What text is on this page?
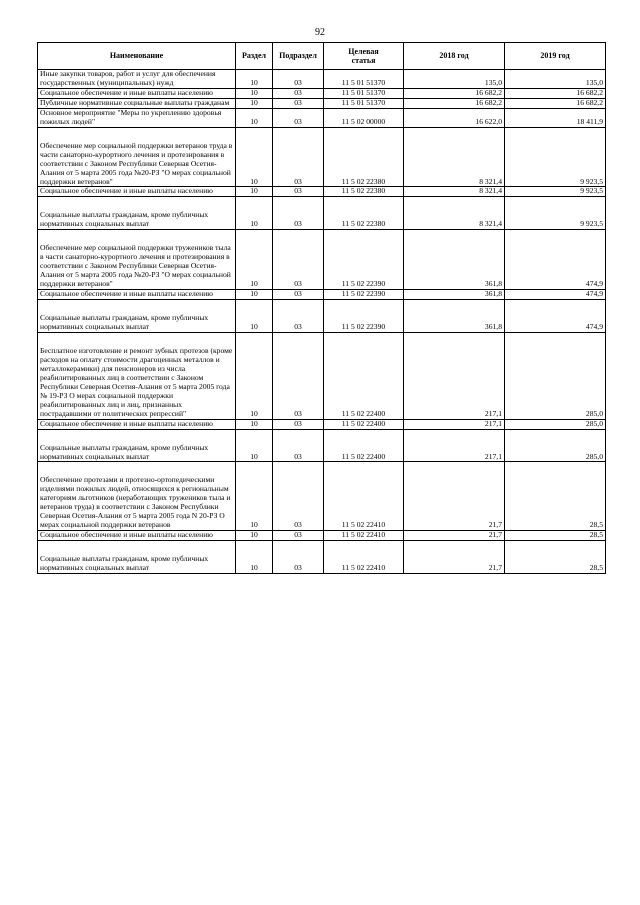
92
Наименование	Раздел	Подраздел	Целевая
статья	2018 год	2019 год
Иные закупки товаров, работ и услуг для обеспечения государственных (муниципальных) нужд	10	03	11 5 01 51370	135,0	135,0
Социальное обеспечение и иные выплаты населению	10	03	11 5 01 51370	16 682,2	16 682,2
Публичные нормативные социальные выплаты гражданам	10	03	11 5 01 51370	16 682,2	16 682,2
Основное мероприятие "Меры по укреплению здоровья пожилых людей"	10	03	11 5 02 00000	16 622,0	18 411,9

Обеспечение мер социальной поддержки ветеранов труда в части санаторно-курортного лечения и протезирования в соответствии с Законом Республики Северная Осетия-Алания от 5 марта 2005 года №20-РЗ "О мерах социальной поддержки ветеранов"	10	03	11 5 02 22380	8 321,4	9 923,5
Социальное обеспечение и иные выплаты населению	10	03	11 5 02 22380	8 321,4	9 923,5

Социальные выплаты гражданам, кроме публичных нормативных социальных выплат	10	03	11 5 02 22380	8 321,4	9 923,5

Обеспечение мер социальной поддержки тружеников тыла в части санаторно-курортного лечения и протезирования в соответствии с Законом Республики Северная Осетия-Алания от 5 марта 2005 года №20-РЗ "О мерах социальной поддержки ветеранов"	10	03	11 5 02 22390	361,8	474,9
Социальное обеспечение и иные выплаты населению	10	03	11 5 02 22390	361,8	474,9

Социальные выплаты гражданам, кроме публичных нормативных социальных выплат	10	03	11 5 02 22390	361,8	474,9

Бесплатное изготовление и ремонт зубных протезов (кроме расходов на оплату стоимости драгоценных металлов и металлокерамики) для пенсионеров из числа реабилитированных лиц в соответствии с Законом Республики Северная Осетия-Алания от 5 марта 2005 года № 19-РЗ О мерах социальной поддержки реабилитированных лиц и лиц, признанных пострадавшими от политических репрессий"	10	03	11 5 02 22400	217,1	285,0
Социальное обеспечение и иные выплаты населению	10	03	11 5 02 22400	217,1	285,0

Социальные выплаты гражданам, кроме публичных нормативных социальных выплат	10	03	11 5 02 22400	217,1	285,0

Обеспечение протезами и протезно-ортопедическими изделиями пожилых людей, относящихся к региональным категориям льготников (неработающих тружеников тыла и ветеранов труда) в соответствии с Законом Республики Северная Осетия-Алания от 5 марта 2005 года N 20-РЗ О мерах социальной поддержки ветеранов	10	03	11 5 02 22410	21,7	28,5
Социальное обеспечение и иные выплаты населению	10	03	11 5 02 22410	21,7	28,5

Социальные выплаты гражданам, кроме публичных нормативных социальных выплат	10	03	11 5 02 22410	21,7	28,5
